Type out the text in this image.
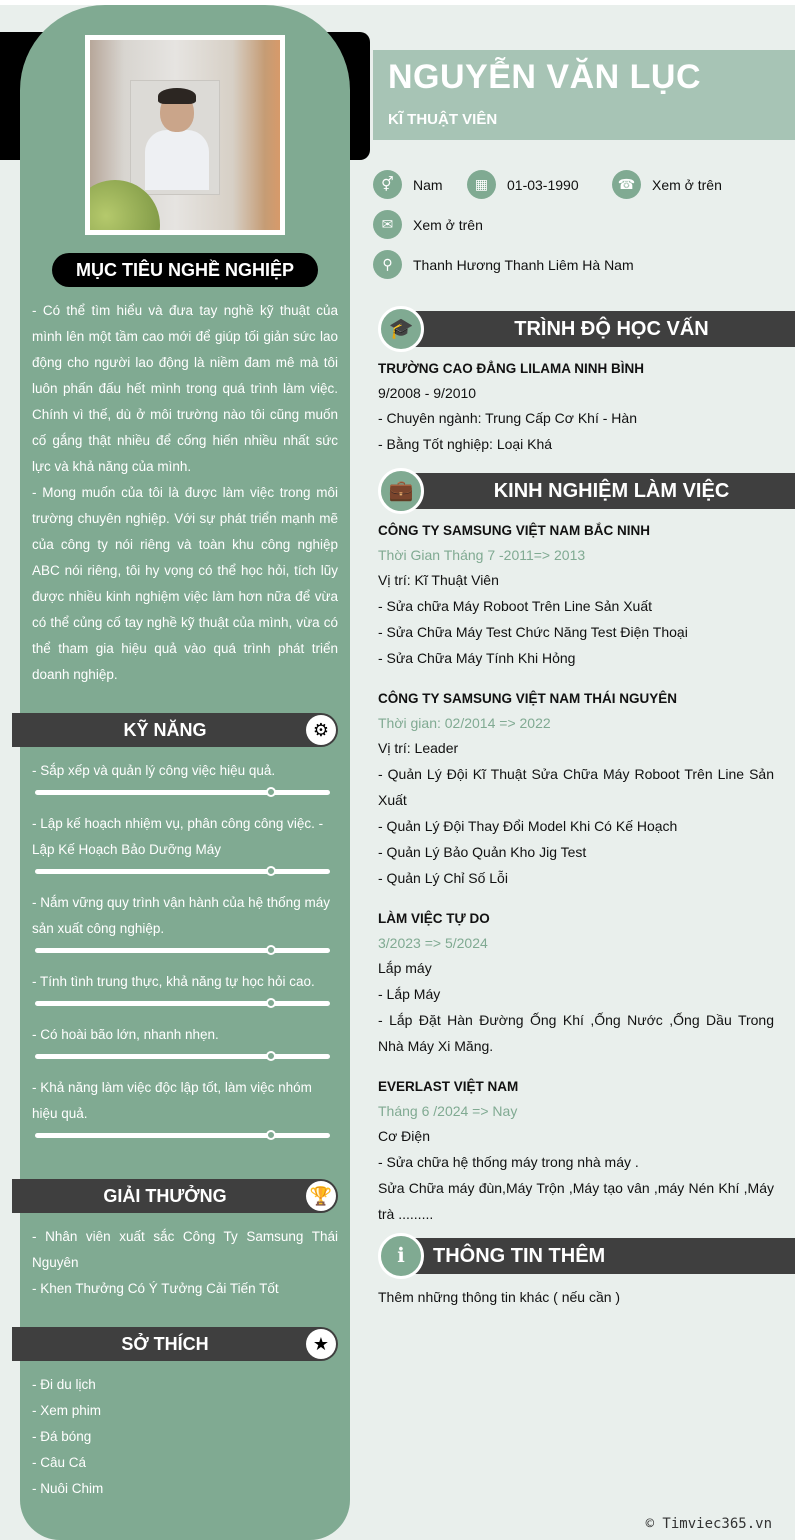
MỤC TIÊU NGHỀ NGHIỆP

- Có thể tìm hiểu và đưa tay nghề kỹ thuật của mình lên một tầm cao mới để giúp tối giản sức lao động cho người lao động là niềm đam mê mà tôi luôn phấn đấu hết mình trong quá trình làm việc. Chính vì thế, dù ở môi trường nào tôi cũng muốn cố gắng thật nhiều để cống hiến nhiều nhất sức lực và khả năng của mình.

- Mong muốn của tôi là được làm việc trong môi trường chuyên nghiệp. Với sự phát triển mạnh mẽ của công ty nói riêng và toàn khu công nghiệp ABC nói riêng, tôi hy vọng có thể học hỏi, tích lũy được nhiều kinh nghiệm việc làm hơn nữa để vừa có thể củng cố tay nghề kỹ thuật của mình, vừa có thể tham gia hiệu quả vào quá trình phát triển doanh nghiệp.

KỸ NĂNG	⚙
- Sắp xếp và quản lý công việc hiệu quả.
- Lập kế hoạch nhiệm vụ, phân công công việc. - Lập Kế Hoạch Bảo Dưỡng Máy
- Nắm vững quy trình vận hành của hệ thống máy sản xuất công nghiệp.
- Tính tình trung thực, khả năng tự học hỏi cao.
- Có hoài bão lớn, nhanh nhẹn.
- Khả năng làm việc độc lập tốt, làm việc nhóm hiệu quả.
GIẢI THƯỞNG	🏆
- Nhân viên xuất sắc Công Ty Samsung Thái Nguyên
- Khen Thưởng Có Ý Tưởng Cải Tiến Tốt
SỞ THÍCH	★
- Đi du lịch
- Xem phim
- Đá bóng
- Câu Cá
- Nuôi Chim
NGUYỄN VĂN LỤC
KĨ THUẬT VIÊN
⚥	Nam	▦	01-03-1990	☎	Xem ở trên
✉	Xem ở trên
⚲	Thanh Hương Thanh Liêm Hà Nam
🎓	TRÌNH ĐỘ HỌC VẤN
TRƯỜNG CAO ĐẲNG LILAMA NINH BÌNH
9/2008 - 9/2010
- Chuyên ngành: Trung Cấp Cơ Khí - Hàn
- Bằng Tốt nghiệp: Loại Khá
💼	KINH NGHIỆM LÀM VIỆC
CÔNG TY SAMSUNG VIỆT NAM BẮC NINH
Thời Gian Tháng 7 -2011=> 2013
Vị trí: Kĩ Thuật Viên
- Sửa chữa Máy Roboot Trên Line Sản Xuất
- Sửa Chữa Máy Test Chức Năng Test Điện Thoại
- Sửa Chữa Máy Tính Khi Hỏng
CÔNG TY SAMSUNG VIỆT NAM THÁI NGUYÊN
Thời gian: 02/2014 => 2022
Vị trí: Leader
- Quản Lý Đội Kĩ Thuật Sửa Chữa Máy Roboot Trên Line Sản Xuất
- Quản Lý Đội Thay Đổi Model Khi Có Kế Hoạch
- Quản Lý Bảo Quản Kho Jig Test
- Quản Lý Chỉ Số Lỗi
LÀM VIỆC TỰ DO
3/2023 => 5/2024
Lắp máy
- Lắp Máy
- Lắp Đặt Hàn Đường Ống Khí ,Ống Nước ,Ống Dầu Trong Nhà Máy Xi Măng.
EVERLAST VIỆT NAM
Tháng 6 /2024 => Nay
Cơ Điện
- Sửa chữa hệ thống máy trong nhà máy .
Sửa Chữa máy đùn,Máy Trộn ,Máy tạo vân ,máy Nén Khí ,Máy trà .........
ℹ	THÔNG TIN THÊM
Thêm những thông tin khác ( nếu cần )
© Timviec365.vn
